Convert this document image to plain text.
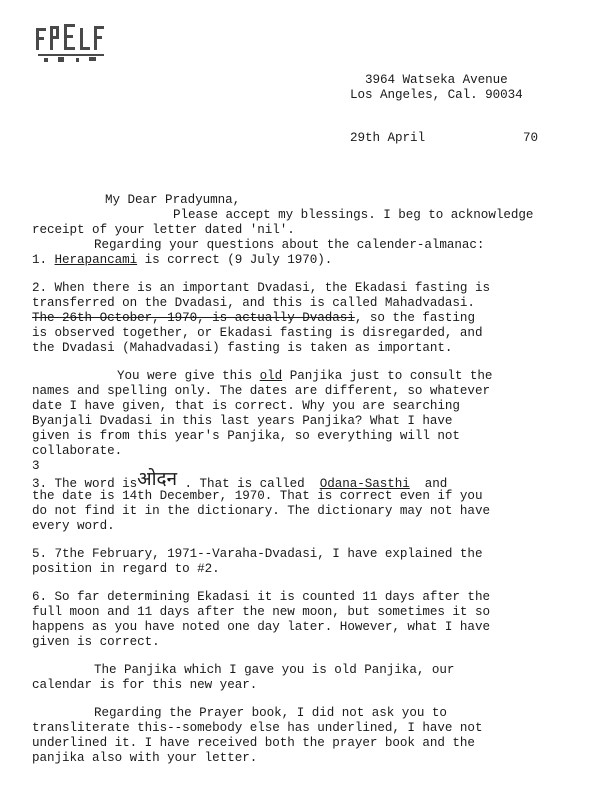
3964 Watseka Avenue
Los Angeles, Cal. 90034
29th April	70
My Dear Pradyumna,
Please accept my blessings. I beg to acknowledge
receipt of your letter dated 'nil'.
Regarding your questions about the calender-almanac:
1. Herapancami is correct (9 July 1970).
2. When there is an important Dvadasi, the Ekadasi fasting is
transferred on the Dvadasi, and this is called Mahadvadasi.
The 26th October, 1970, is actually Dvadasi, so the fasting
is observed together, or Ekadasi fasting is disregarded, and
the Dvadasi (Mahadvadasi) fasting is taken as important.
You were give this old Panjika just to consult the
names and spelling only. The dates are different, so whatever
date I have given, that is correct. Why you are searching
Byanjali Dvadasi in this last years Panjika? What I have
given is from this year's Panjika, so everything will not
collaborate.
3
3. The word isओदन . That is called  Odana-Sasthi  and
the date is 14th December, 1970. That is correct even if you
do not find it in the dictionary. The dictionary may not have
every word.
5. 7the February, 1971--Varaha-Dvadasi, I have explained the
position in regard to #2.
6. So far determining Ekadasi it is counted 11 days after the
full moon and 11 days after the new moon, but sometimes it so
happens as you have noted one day later. However, what I have
given is correct.
The Panjika which I gave you is old Panjika, our
calendar is for this new year.
Regarding the Prayer book, I did not ask you to
transliterate this--somebody else has underlined, I have not
underlined it. I have received both the prayer book and the
panjika also with your letter.
